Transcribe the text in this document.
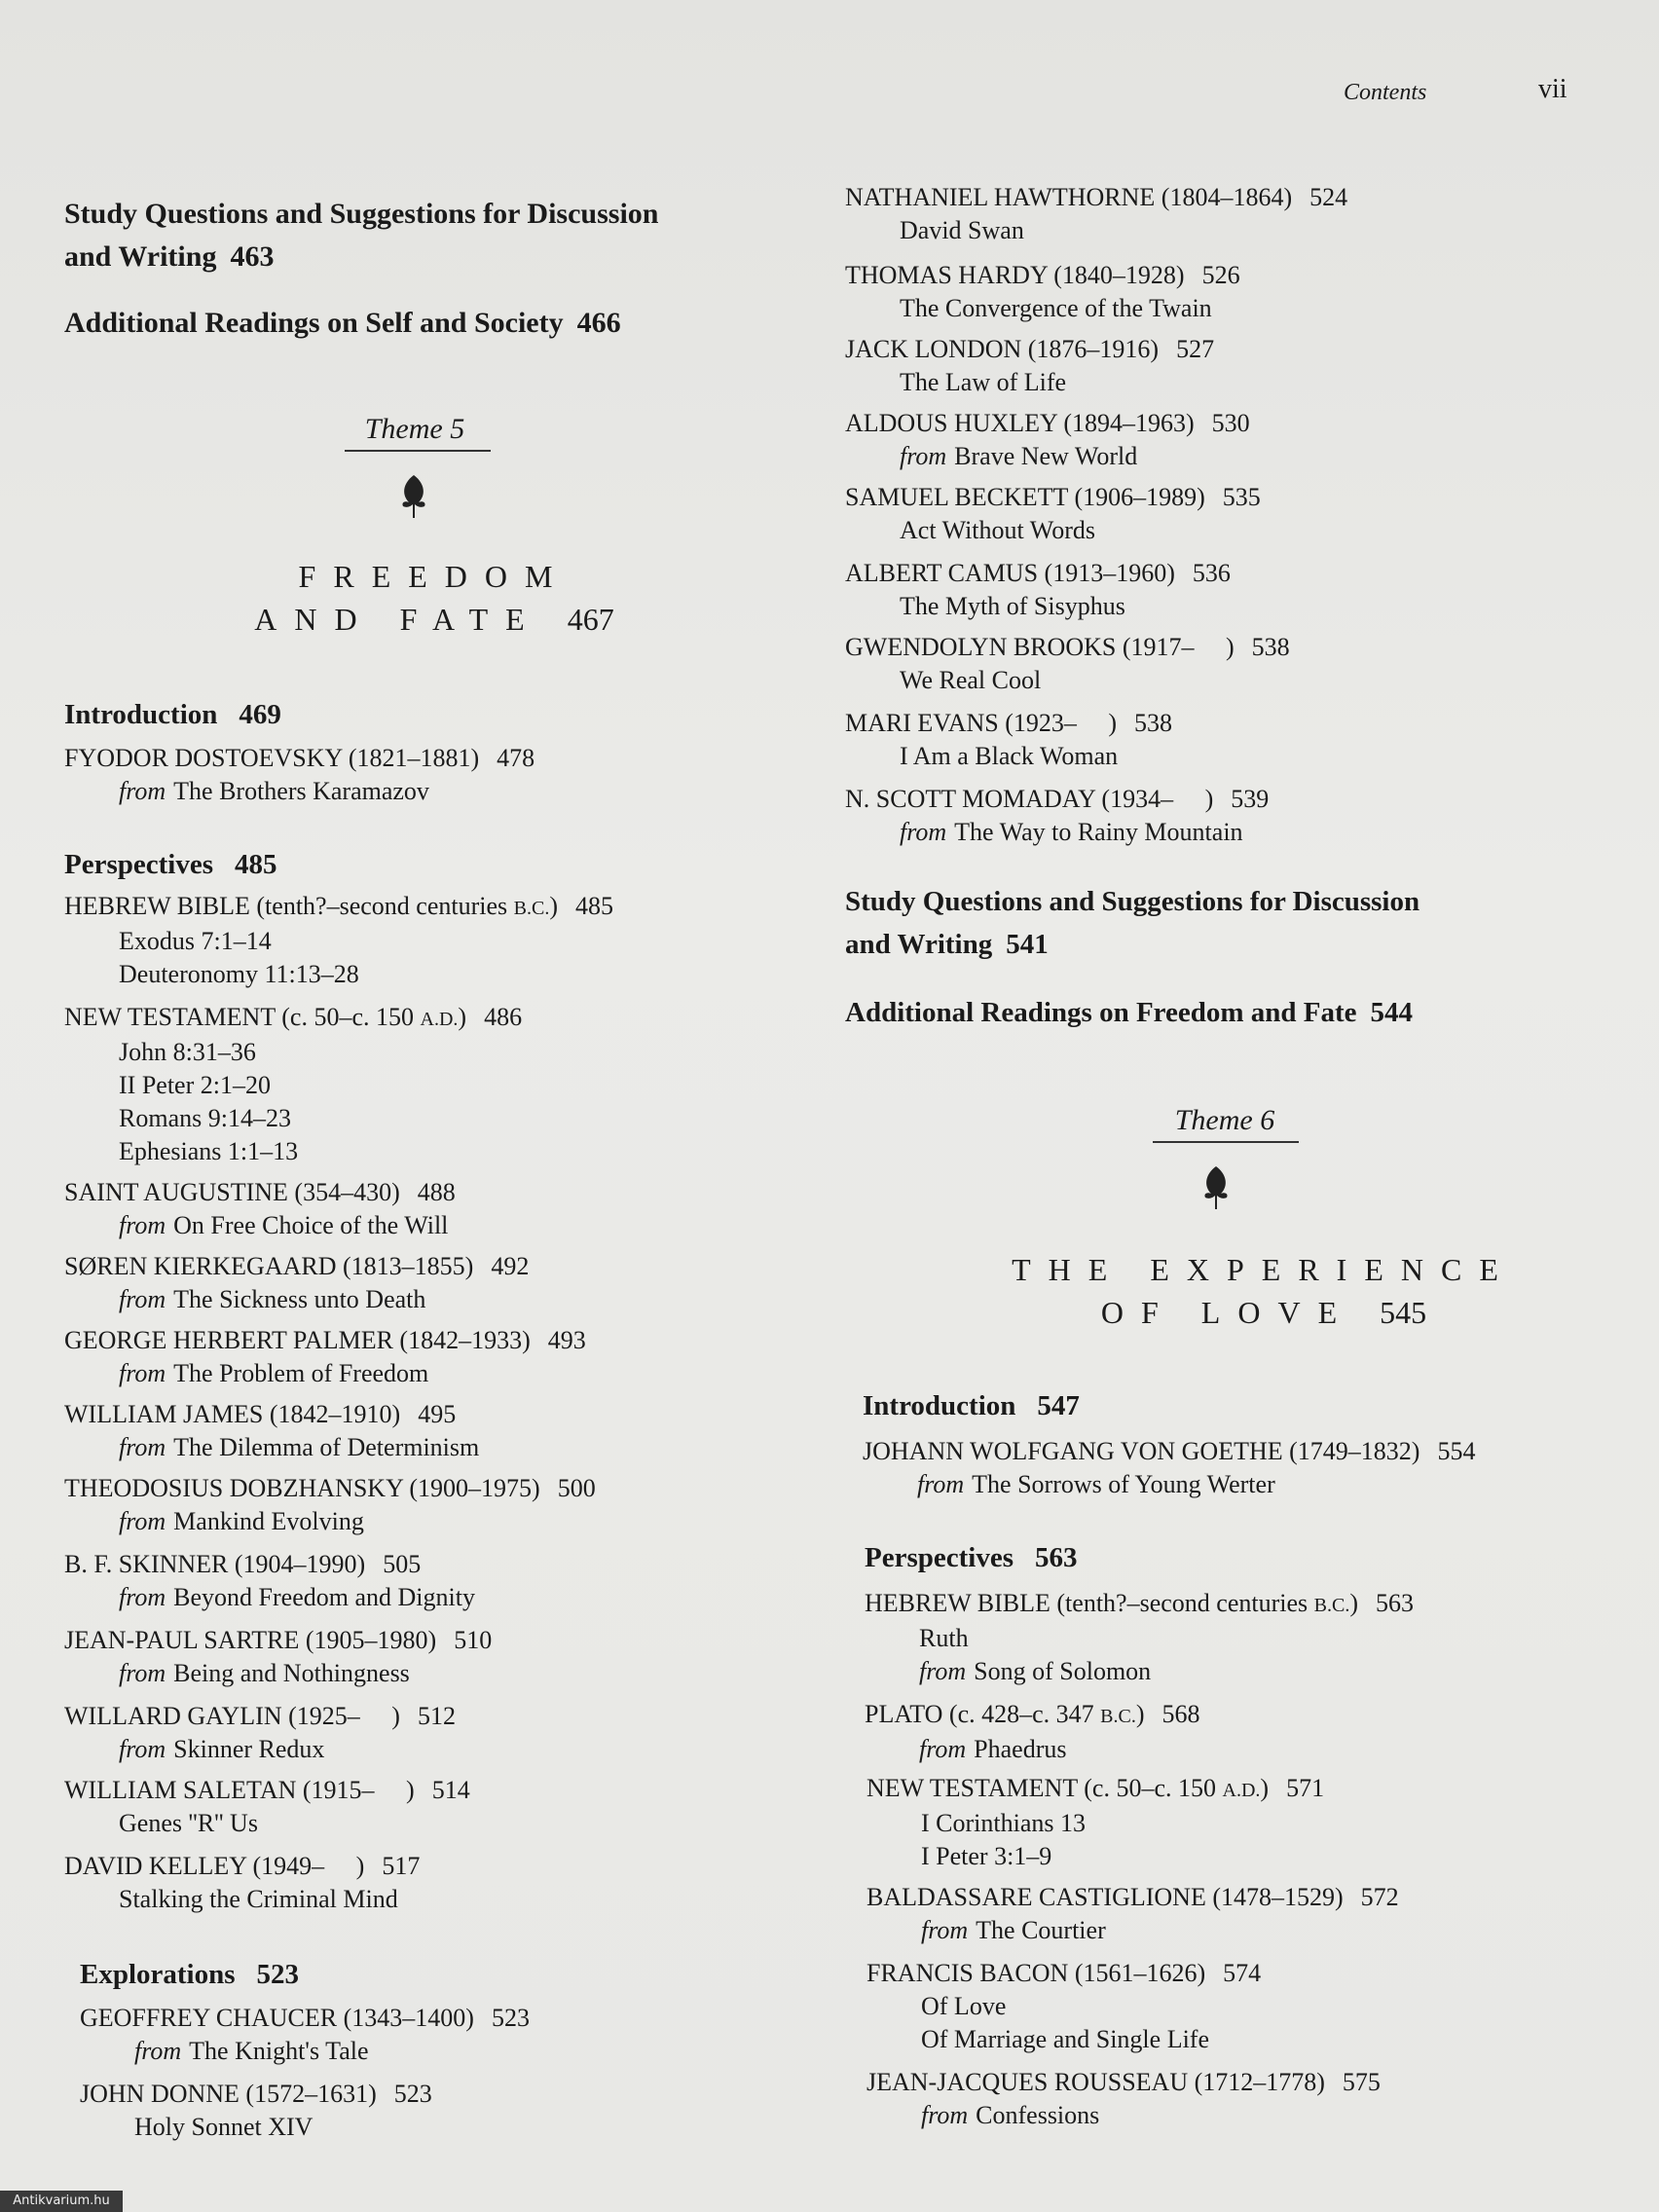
Contents	vii
Study Questions and Suggestions for Discussion
and Writing 463
Additional Readings on Self and Society 466
Theme 5
FREEDOM
AND FATE 467
Introduction 469
FYODOR DOSTOEVSKY (1821–1881) 478
from The Brothers Karamazov
Perspectives 485
HEBREW BIBLE (tenth?–second centuries B.C.) 485
Exodus 7:1–14
Deuteronomy 11:13–28
NEW TESTAMENT (c. 50–c. 150 A.D.) 486
John 8:31–36
II Peter 2:1–20
Romans 9:14–23
Ephesians 1:1–13
SAINT AUGUSTINE (354–430) 488
from On Free Choice of the Will
SØREN KIERKEGAARD (1813–1855) 492
from The Sickness unto Death
GEORGE HERBERT PALMER (1842–1933) 493
from The Problem of Freedom
WILLIAM JAMES (1842–1910) 495
from The Dilemma of Determinism
THEODOSIUS DOBZHANSKY (1900–1975) 500
from Mankind Evolving
B. F. SKINNER (1904–1990) 505
from Beyond Freedom and Dignity
JEAN-PAUL SARTRE (1905–1980) 510
from Being and Nothingness
WILLARD GAYLIN (1925–     ) 512
from Skinner Redux
WILLIAM SALETAN (1915–     ) 514
Genes ''R'' Us
DAVID KELLEY (1949–     ) 517
Stalking the Criminal Mind
Explorations 523
GEOFFREY CHAUCER (1343–1400) 523
from The Knight's Tale
JOHN DONNE (1572–1631) 523
Holy Sonnet XIV
NATHANIEL HAWTHORNE (1804–1864) 524
David Swan
THOMAS HARDY (1840–1928) 526
The Convergence of the Twain
JACK LONDON (1876–1916) 527
The Law of Life
ALDOUS HUXLEY (1894–1963) 530
from Brave New World
SAMUEL BECKETT (1906–1989) 535
Act Without Words
ALBERT CAMUS (1913–1960) 536
The Myth of Sisyphus
GWENDOLYN BROOKS (1917–     ) 538
We Real Cool
MARI EVANS (1923–     ) 538
I Am a Black Woman
N. SCOTT MOMADAY (1934–     ) 539
from The Way to Rainy Mountain
Study Questions and Suggestions for Discussion
and Writing 541
Additional Readings on Freedom and Fate 544
Theme 6
THE EXPERIENCE
OF LOVE 545
Introduction 547
JOHANN WOLFGANG VON GOETHE (1749–1832) 554
from The Sorrows of Young Werter
Perspectives 563
HEBREW BIBLE (tenth?–second centuries B.C.) 563
Ruth
from Song of Solomon
PLATO (c. 428–c. 347 B.C.) 568
from Phaedrus
NEW TESTAMENT (c. 50–c. 150 A.D.) 571
I Corinthians 13
I Peter 3:1–9
BALDASSARE CASTIGLIONE (1478–1529) 572
from The Courtier
FRANCIS BACON (1561–1626) 574
Of Love
Of Marriage and Single Life
JEAN-JACQUES ROUSSEAU (1712–1778) 575
from Confessions
Antikvarium.hu
